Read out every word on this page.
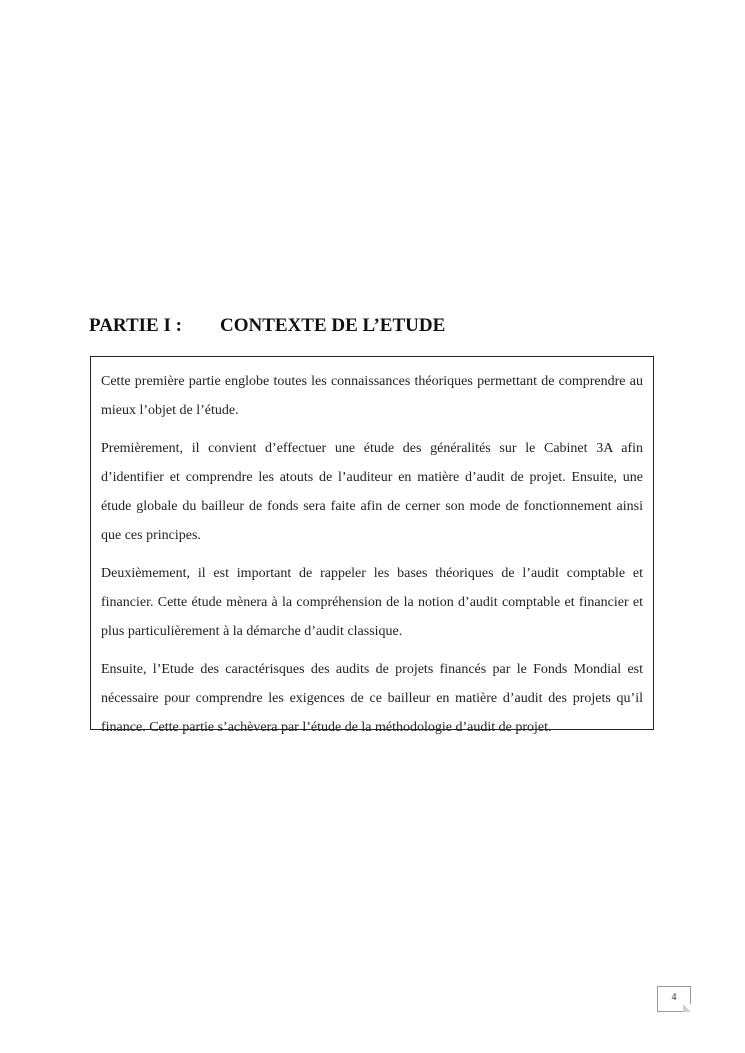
PARTIE I : CONTEXTE DE L’ETUDE

Cette première partie englobe toutes les connaissances théoriques permettant de comprendre au mieux l’objet de l’étude.

Premièrement, il convient d’effectuer une étude des généralités sur le Cabinet 3A afin d’identifier et comprendre les atouts de l’auditeur en matière d’audit de projet. Ensuite, une étude globale du bailleur de fonds sera faite afin de cerner son mode de fonctionnement ainsi que ces principes.

Deuxièmement, il est important de rappeler les bases théoriques de l’audit comptable et financier. Cette étude mènera à la compréhension de la notion d’audit comptable et financier et plus particulièrement à la démarche d’audit classique.

Ensuite, l’Etude des caractérisques des audits de projets financés par le Fonds Mondial est nécessaire pour comprendre les exigences de ce bailleur en matière d’audit des projets qu’il finance. Cette partie s’achèvera par l’étude de la méthodologie d’audit de projet.

4
